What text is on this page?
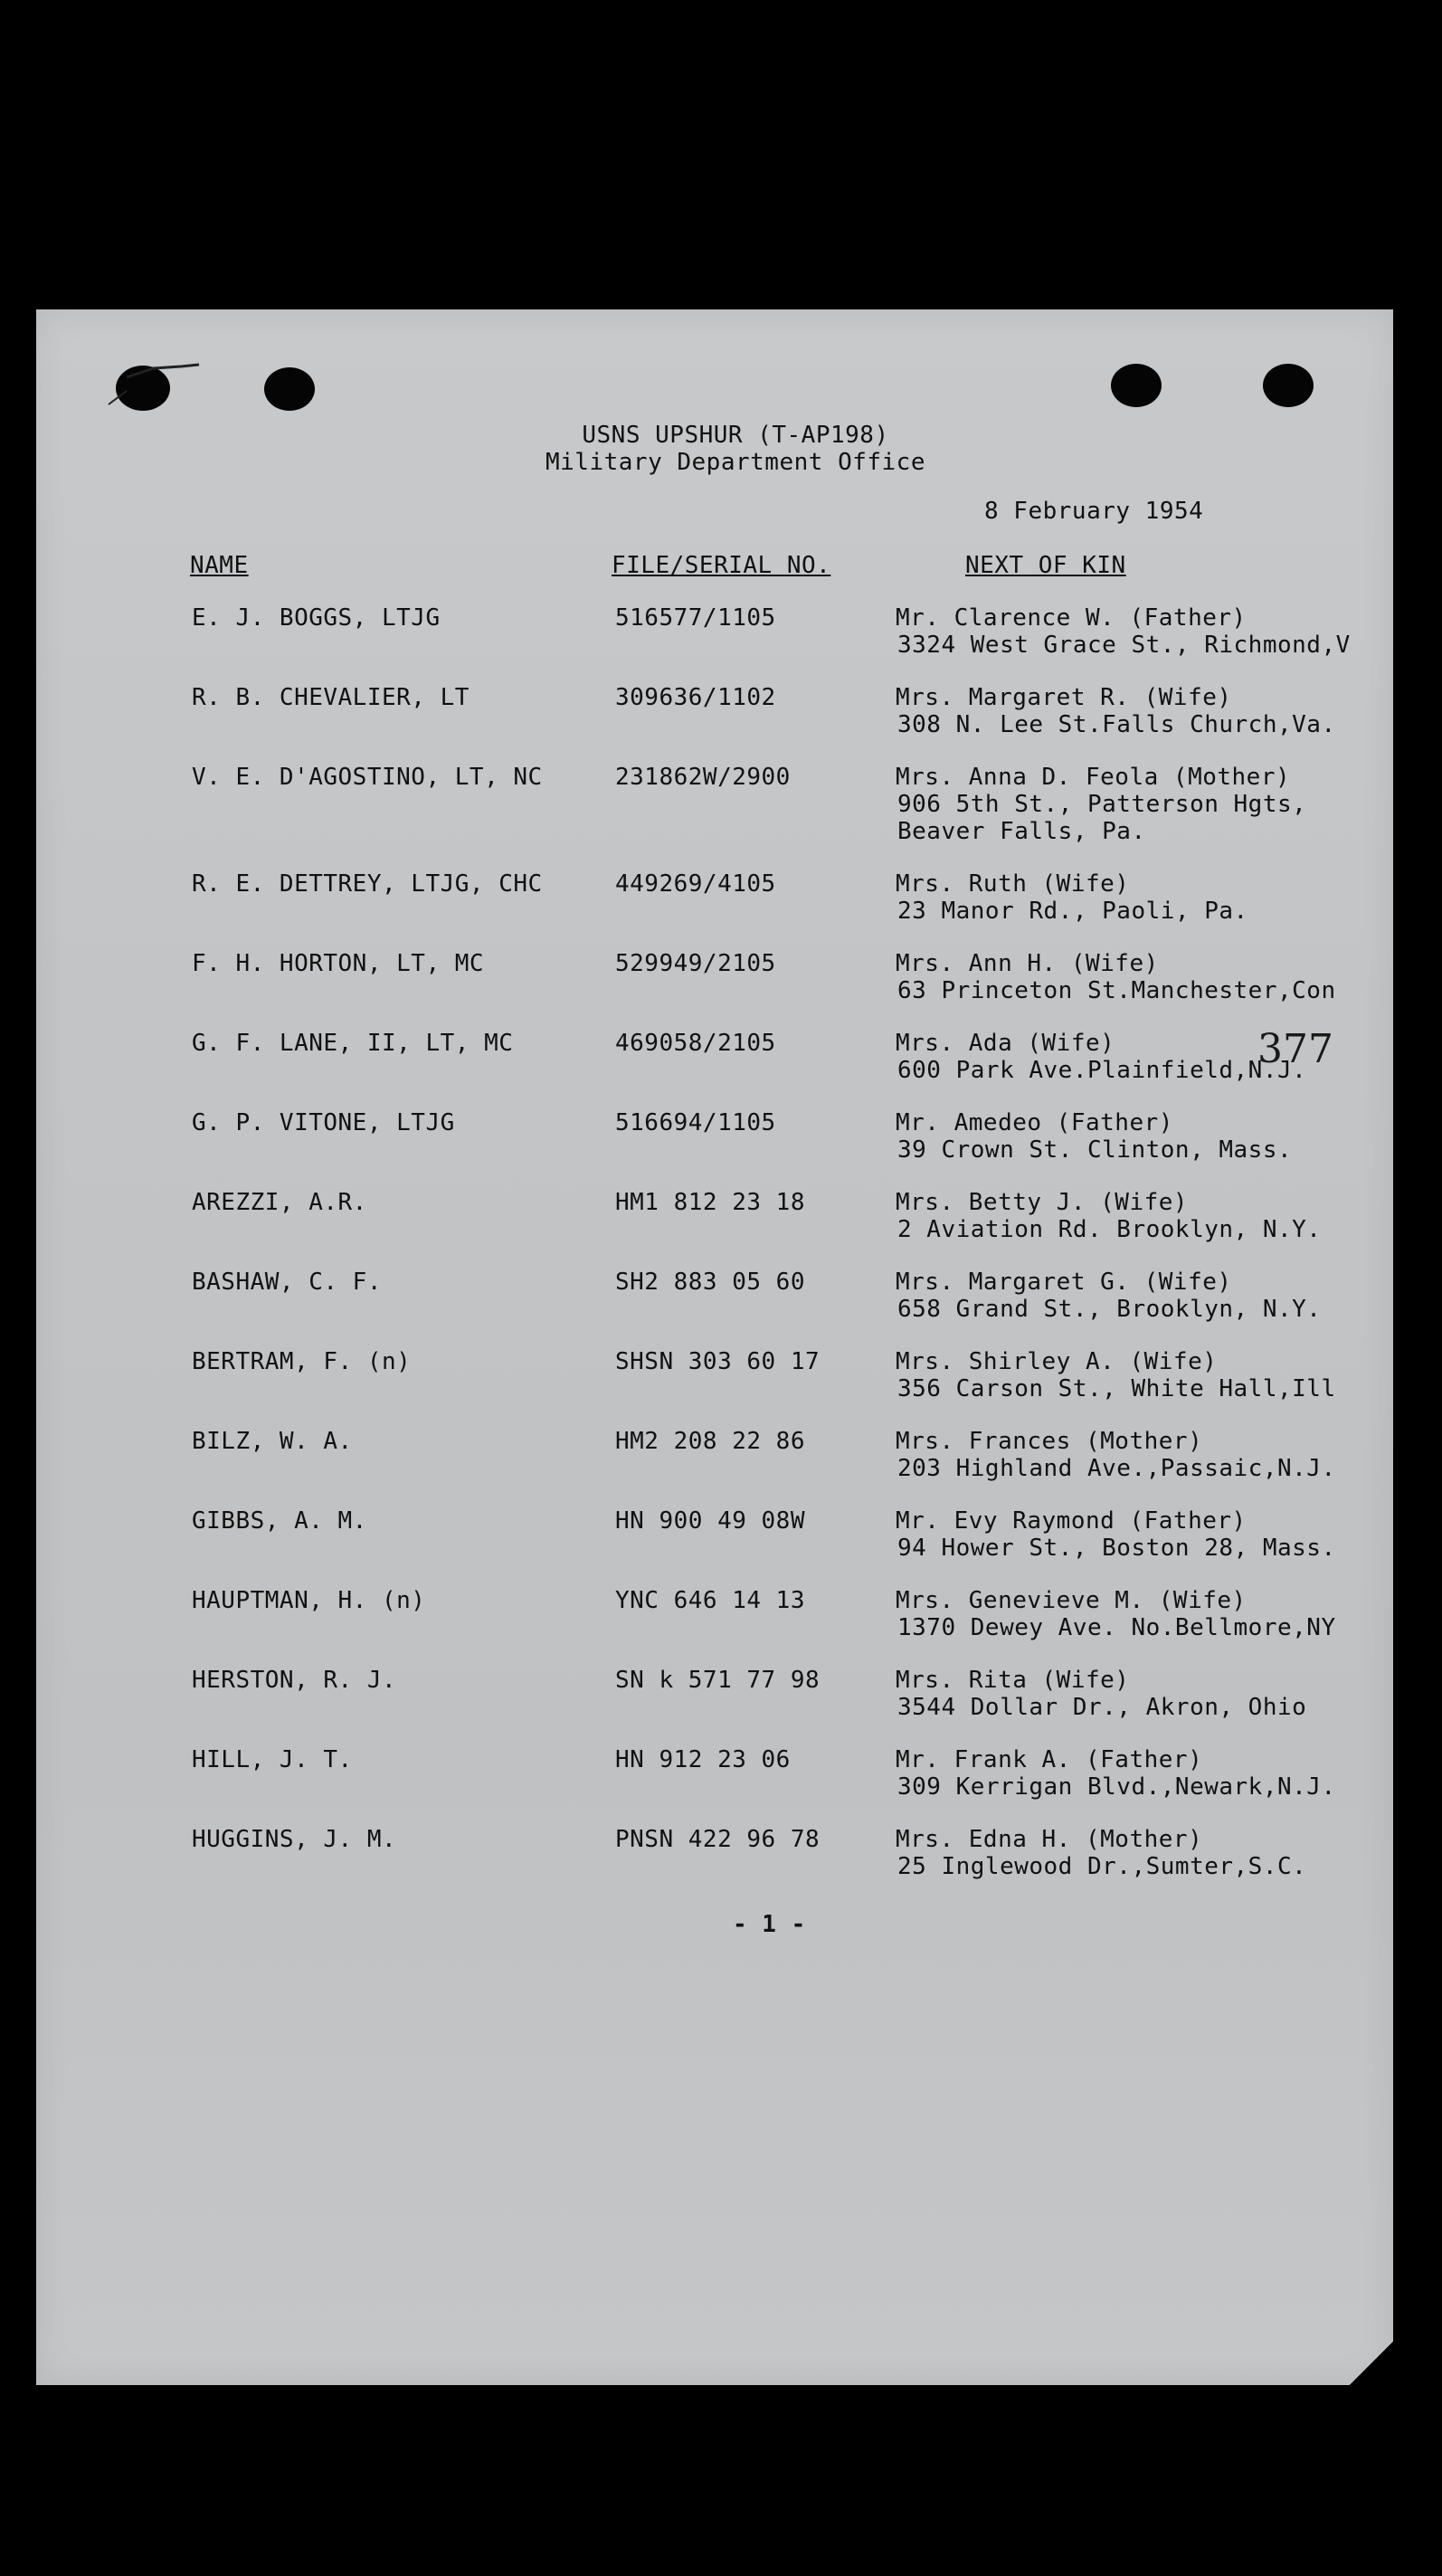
USNS UPSHUR (T-AP198)
Military Department Office
8 February 1954
NAME	FILE/SERIAL NO.	NEXT OF KIN
E. J. BOGGS, LTJG	516577/1105	Mr. Clarence W. (Father)
3324 West Grace St., Richmond,V
R. B. CHEVALIER, LT	309636/1102	Mrs. Margaret R. (Wife)
308 N. Lee St.Falls Church,Va.
V. E. D'AGOSTINO, LT, NC	231862W/2900	Mrs. Anna D. Feola (Mother)
906 5th St., Patterson Hgts,
Beaver Falls, Pa.
R. E. DETTREY, LTJG, CHC	449269/4105	Mrs. Ruth (Wife)
23 Manor Rd., Paoli, Pa.
F. H. HORTON, LT, MC	529949/2105	Mrs. Ann H. (Wife)
63 Princeton St.Manchester,Con
G. F. LANE, II, LT, MC	469058/2105	Mrs. Ada (Wife)
600 Park Ave.Plainfield,N.J.
G. P. VITONE, LTJG	516694/1105	Mr. Amedeo (Father)
39 Crown St. Clinton, Mass.
AREZZI, A.R.	HM1 812 23 18	Mrs. Betty J. (Wife)
2 Aviation Rd. Brooklyn, N.Y.
BASHAW, C. F.	SH2 883 05 60	Mrs. Margaret G. (Wife)
658 Grand St., Brooklyn, N.Y.
BERTRAM, F. (n)	SHSN 303 60 17	Mrs. Shirley A. (Wife)
356 Carson St., White Hall,Ill
BILZ, W. A.	HM2 208 22 86	Mrs. Frances (Mother)
203 Highland Ave.,Passaic,N.J.
GIBBS, A. M.	HN 900 49 08W	Mr. Evy Raymond (Father)
94 Hower St., Boston 28, Mass.
HAUPTMAN, H. (n)	YNC 646 14 13	Mrs. Genevieve M. (Wife)
1370 Dewey Ave. No.Bellmore,NY
HERSTON, R. J.	SN k 571 77 98	Mrs. Rita (Wife)
3544 Dollar Dr., Akron, Ohio
HILL, J. T.	HN 912 23 06	Mr. Frank A. (Father)
309 Kerrigan Blvd.,Newark,N.J.
HUGGINS, J. M.	PNSN 422 96 78	Mrs. Edna H. (Mother)
25 Inglewood Dr.,Sumter,S.C.
377
- 1 -
